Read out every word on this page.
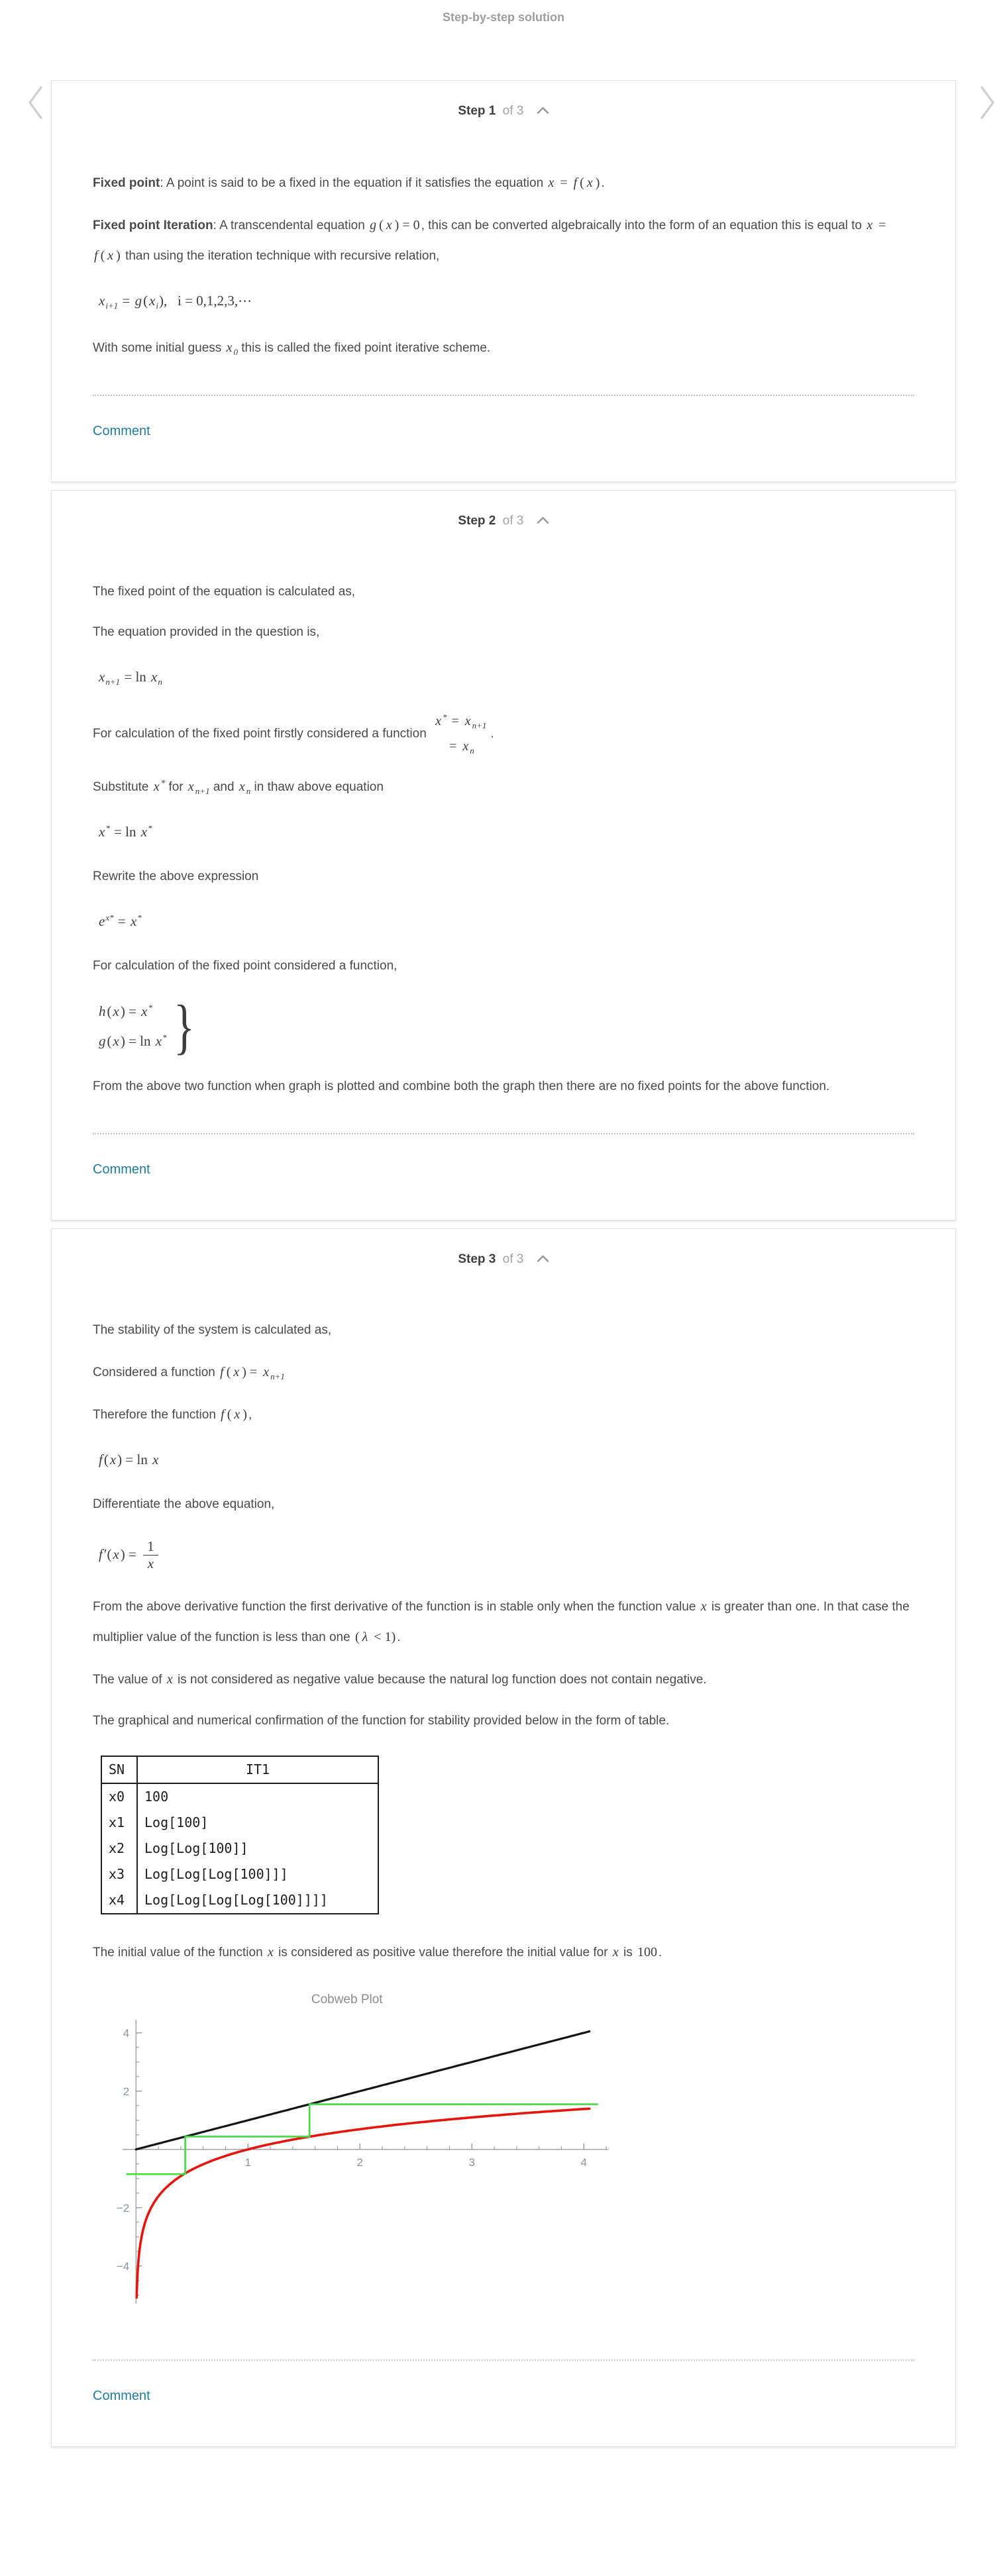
Step-by-step solution
Step 1 of 3
Fixed point: A point is said to be a fixed in the equation if it satisfies the equation x = f ( x ) .
Fixed point Iteration: A transcendental equation g ( x ) = 0 , this can be converted algebraically into the form of an equation this is equal to x = f ( x ) than using the iteration technique with recursive relation,
$x_{i+1} = g(x_i)$,  i = 0,1,2,3,⋯
With some initial guess x $_0$ this is called the fixed point iterative scheme.
Comment
Step 2 of 3
The fixed point of the equation is calculated as,
The equation provided in the question is,
$x_{n+1} = \ln x_n$
For calculation of the fixed point firstly considered a function
x * = x $_{n+1}$
= x $_n$
.
Substitute x * for x $_{n+1}$ and x $_n$ in thaw above equation
x* = ln x*
Rewrite the above expression
$e^{x*} = x^*$
For calculation of the fixed point considered a function,
h(x) = x*
g(x) = ln x* }
From the above two function when graph is plotted and combine both the graph then there are no fixed points for the above function.
Comment
Step 3 of 3
The stability of the system is calculated as,
Considered a function f ( x ) = x $_{n+1}$
Therefore the function f ( x ) ,
f(x) = ln x
Differentiate the above equation,
$f'(x) = \frac{1}{x}$
From the above derivative function the first derivative of the function is in stable only when the function value x is greater than one. In that case the multiplier value of the function is less than one ( λ < 1) .
The value of x is not considered as negative value because the natural log function does not contain negative.
The graphical and numerical confirmation of the function for stability provided below in the form of table.
SN	IT1
x0	100
x1	Log[100]
x2	Log[Log[100]]
x3	Log[Log[Log[100]]]
x4	Log[Log[Log[Log[100]]]]
The initial value of the function x is considered as positive value therefore the initial value for x is 100 .
Cobweb Plot
1	2	3	4
−4
−2
2
4
Comment
